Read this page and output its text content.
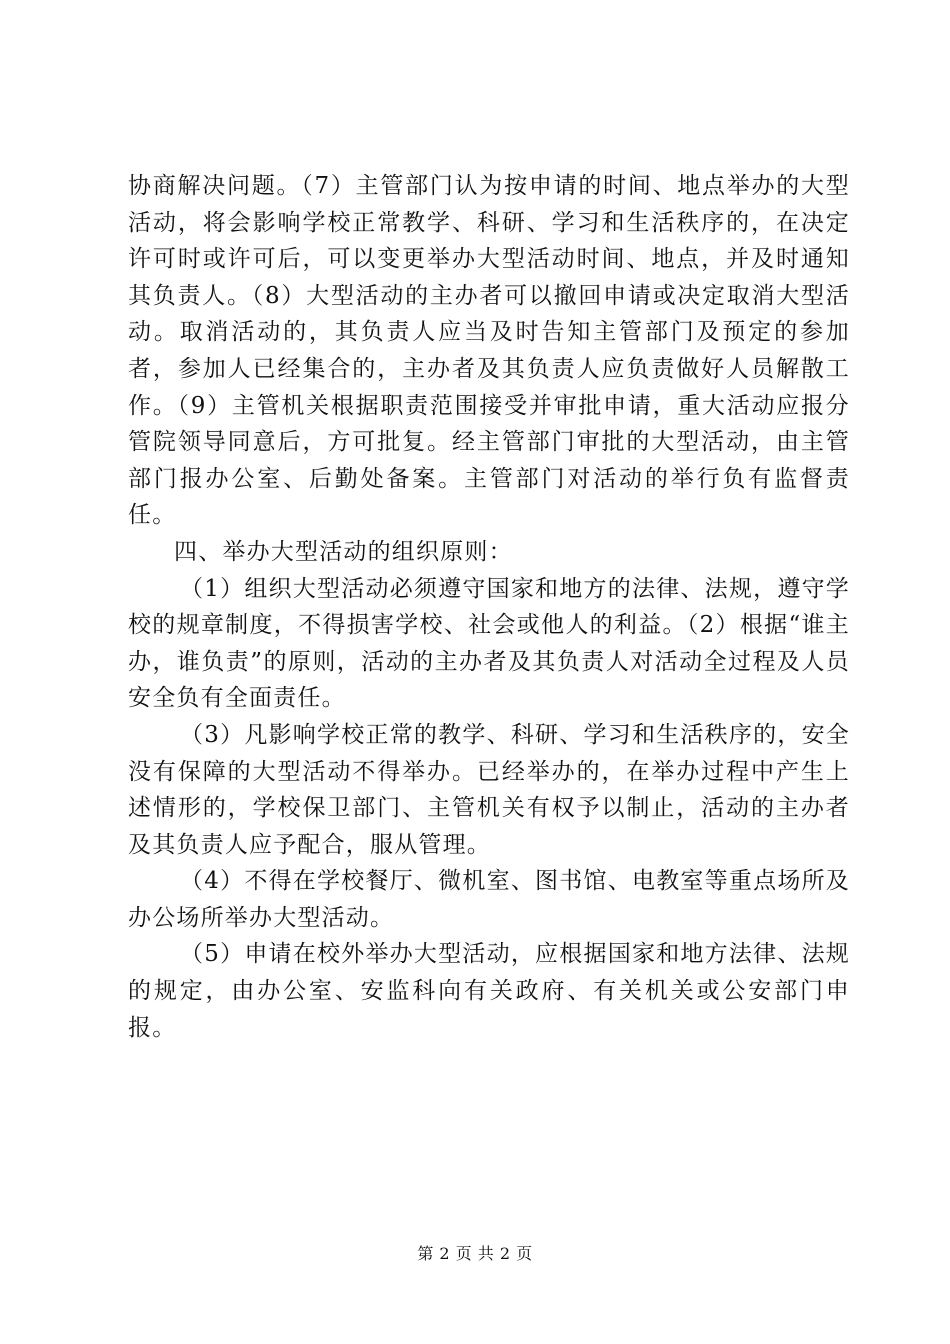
协商解决问题。（7）主管部门认为按申请的时间、地点举办的大型活动，将会影响学校正常教学、科研、学习和生活秩序的，在决定许可时或许可后，可以变更举办大型活动时间、地点，并及时通知其负责人。（8）大型活动的主办者可以撤回申请或决定取消大型活动。取消活动的，其负责人应当及时告知主管部门及预定的参加者，参加人已经集合的，主办者及其负责人应负责做好人员解散工作。（9）主管机关根据职责范围接受并审批申请，重大活动应报分管院领导同意后，方可批复。经主管部门审批的大型活动，由主管部门报办公室、后勤处备案。主管部门对活动的举行负有监督责任。

四、举办大型活动的组织原则：

（1）组织大型活动必须遵守国家和地方的法律、法规，遵守学校的规章制度，不得损害学校、社会或他人的利益。（2）根据“谁主办，谁负责”的原则，活动的主办者及其负责人对活动全过程及人员安全负有全面责任。

（3）凡影响学校正常的教学、科研、学习和生活秩序的，安全没有保障的大型活动不得举办。已经举办的，在举办过程中产生上述情形的，学校保卫部门、主管机关有权予以制止，活动的主办者及其负责人应予配合，服从管理。

（4）不得在学校餐厅、微机室、图书馆、电教室等重点场所及办公场所举办大型活动。

（5）申请在校外举办大型活动，应根据国家和地方法律、法规的规定，由办公室、安监科向有关政府、有关机关或公安部门申报。

第 2 页 共 2 页
